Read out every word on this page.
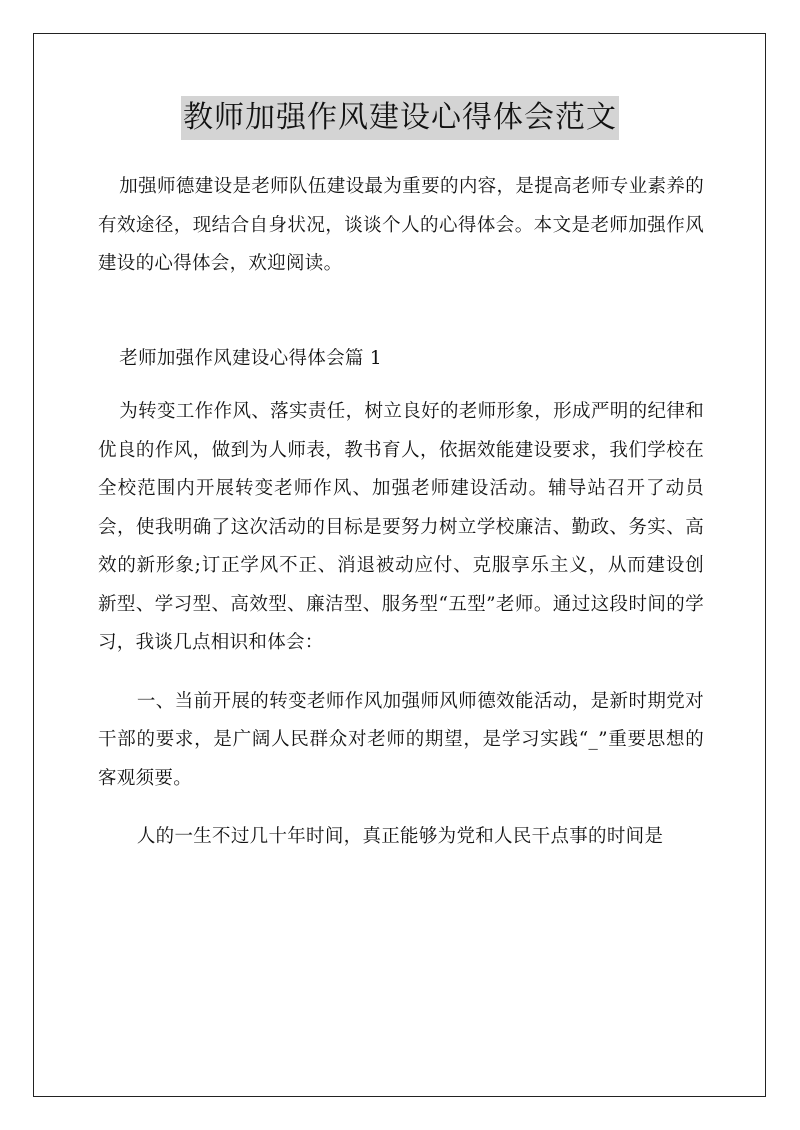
教师加强作风建设心得体会范文

加强师德建设是老师队伍建设最为重要的内容，是提高老师专业素养的有效途径，现结合自身状况，谈谈个人的心得体会。本文是老师加强作风建设的心得体会，欢迎阅读。

老师加强作风建设心得体会篇 1

为转变工作作风、落实责任，树立良好的老师形象，形成严明的纪律和优良的作风，做到为人师表，教书育人，依据效能建设要求，我们学校在全校范围内开展转变老师作风、加强老师建设活动。辅导站召开了动员会，使我明确了这次活动的目标是要努力树立学校廉洁、勤政、务实、高效的新形象;订正学风不正、消退被动应付、克服享乐主义，从而建设创新型、学习型、高效型、廉洁型、服务型“五型”老师。通过这段时间的学习，我谈几点相识和体会：

一、当前开展的转变老师作风加强师风师德效能活动，是新时期党对干部的要求，是广阔人民群众对老师的期望，是学习实践“_”重要思想的客观须要。

人的一生不过几十年时间，真正能够为党和人民干点事的时间是
